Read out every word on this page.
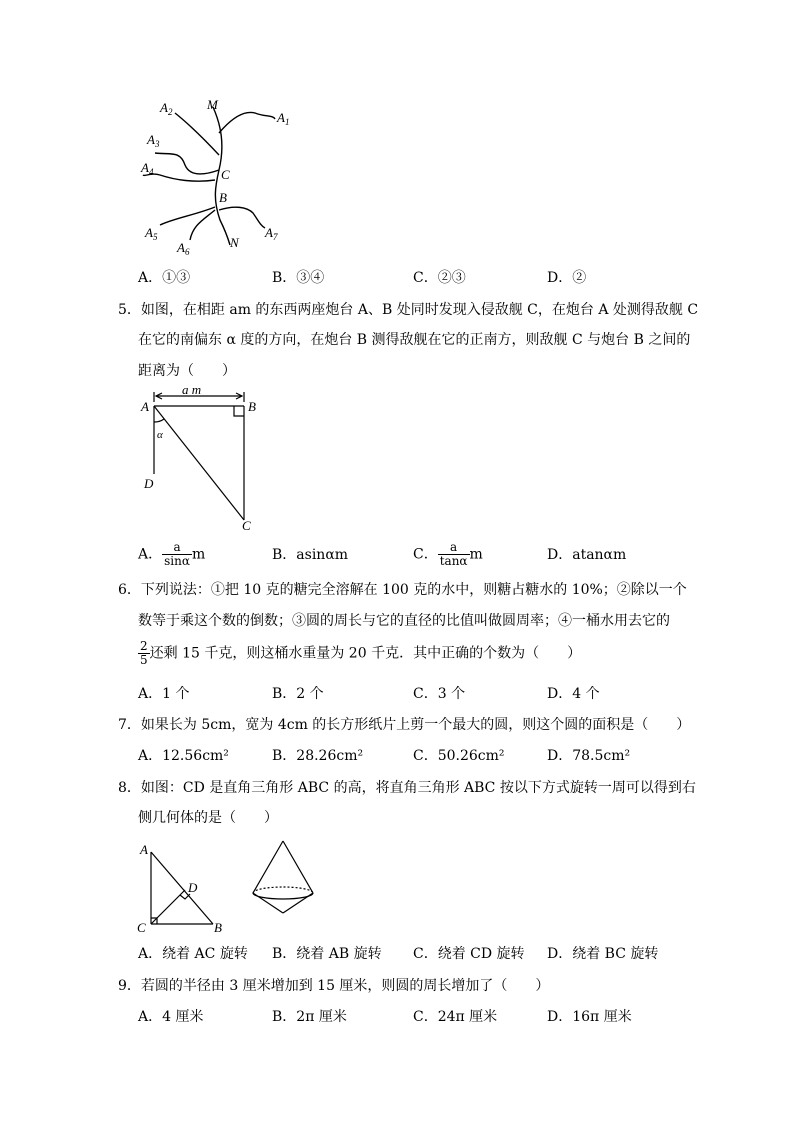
M
$A_1$
$A_2$
$A_3$
$A_4$	C
B
$A_5$
$A_6$
N
$A_7$
A．①③	B．③④	C．②③	D．②
5．如图，在相距 am 的东西两座炮台 A、B 处同时发现入侵敌舰 C，在炮台 A 处测得敌舰 C
在它的南偏东 α 度的方向，在炮台 B 测得敌舰在它的正南方，则敌舰 C 与炮台 B 之间的
距离为（　　）
a m
A	B
α
D
C
A． $\frac{a}{\sin\alpha}$ m	B．asinαm	C． $\frac{a}{\tan\alpha}$ m	D．atanαm
6．下列说法：①把 10 克的糖完全溶解在 100 克的水中，则糖占糖水的 10%；②除以一个
数等于乘这个数的倒数；③圆的周长与它的直径的比值叫做圆周率；④一桶水用去它的
$\frac{2}{5}$ 还剩 15 千克，则这桶水重量为 20 千克．其中正确的个数为（　　）
A．1 个	B．2 个	C．3 个	D．4 个
7．如果长为 5cm，宽为 4cm 的长方形纸片上剪一个最大的圆，则这个圆的面积是（　　）
A．12.56cm²	B．28.26cm²	C．50.26cm²	D．78.5cm²
8．如图：CD 是直角三角形 ABC 的高，将直角三角形 ABC 按以下方式旋转一周可以得到右
侧几何体的是（　　）
A
D
C	B
A．绕着 AC 旋转 B．绕着 AB 旋转 C．绕着 CD 旋转 D．绕着 BC 旋转
9．若圆的半径由 3 厘米增加到 15 厘米，则圆的周长增加了（　　）
A．4 厘米	B．2π 厘米	C．24π 厘米	D．16π 厘米
